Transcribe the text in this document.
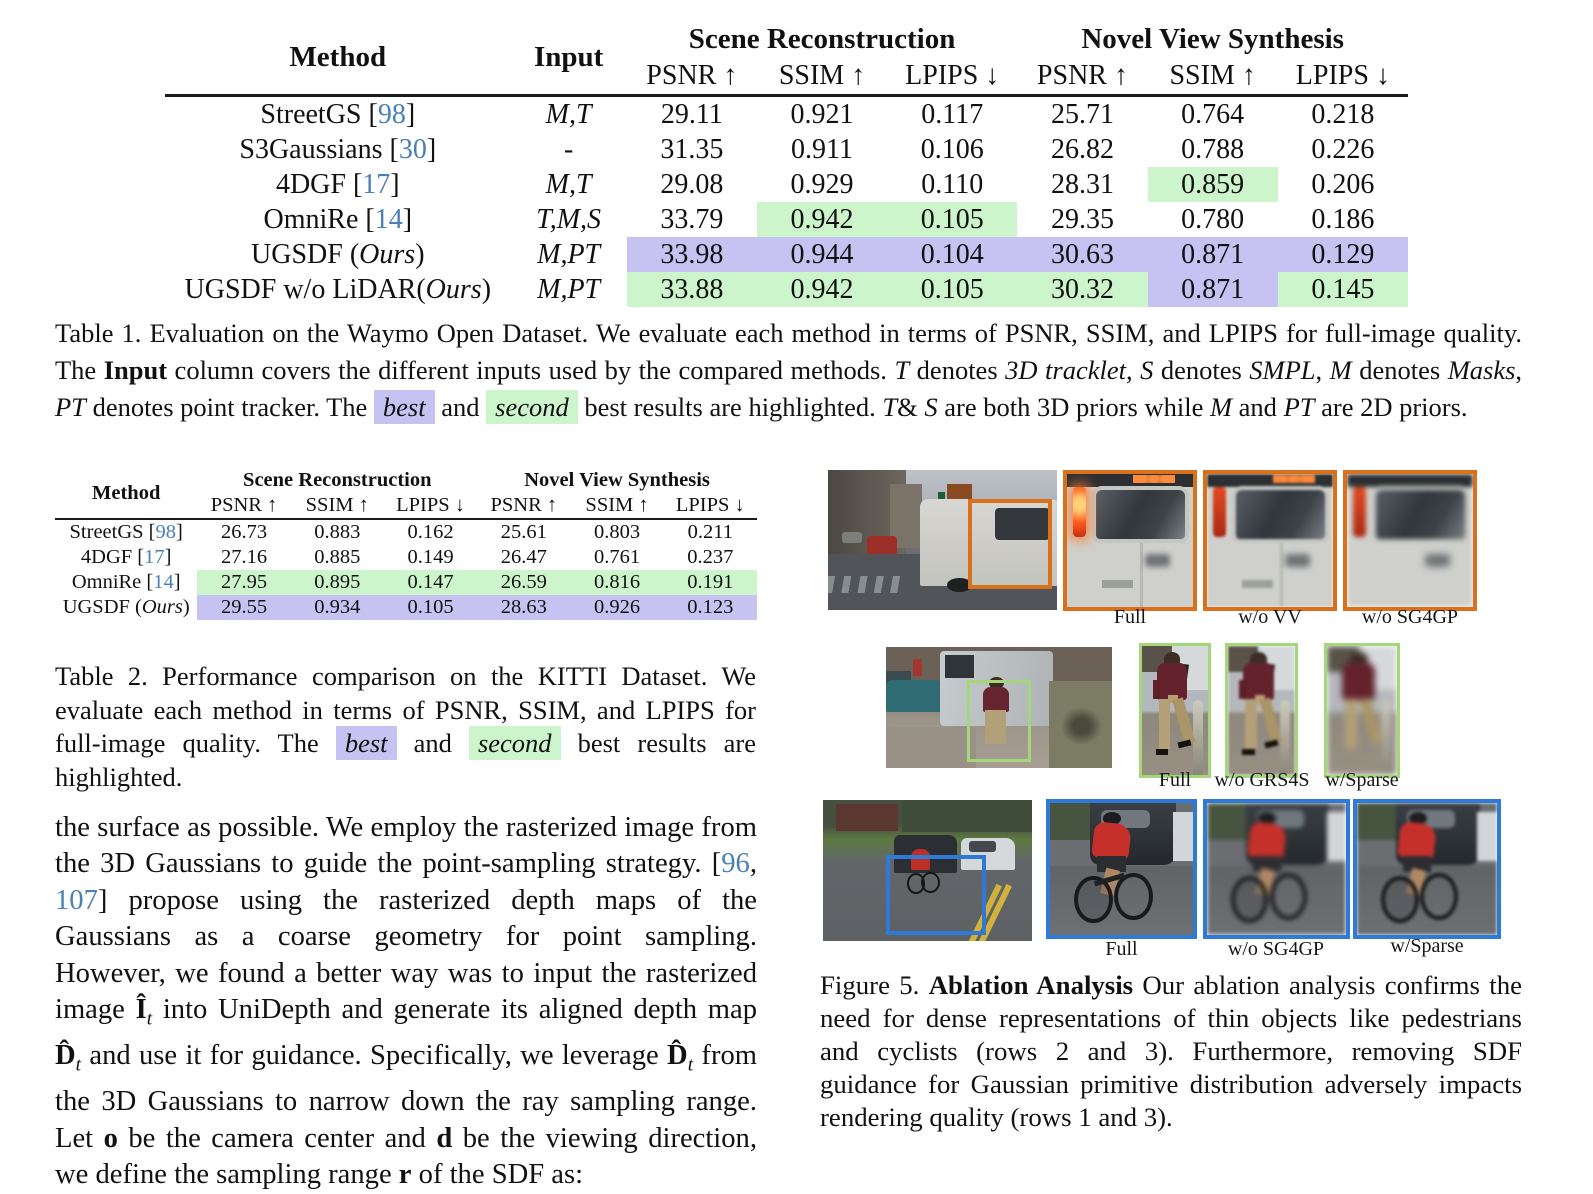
Method	Input	Scene Reconstruction			Novel View Synthesis		
		PSNR ↑	SSIM ↑	LPIPS ↓	PSNR ↑	SSIM ↑	LPIPS ↓
StreetGS [98]	M,T	29.11	0.921	0.117	25.71	0.764	0.218
S3Gaussians [30]	-	31.35	0.911	0.106	26.82	0.788	0.226
4DGF [17]	M,T	29.08	0.929	0.110	28.31	0.859	0.206
OmniRe [14]	T,M,S	33.79	0.942	0.105	29.35	0.780	0.186
UGSDF (Ours)	M,PT	33.98	0.944	0.104	30.63	0.871	0.129
UGSDF w/o LiDAR(Ours)	M,PT	33.88	0.942	0.105	30.32	0.871	0.145
Table 1. Evaluation on the Waymo Open Dataset. We evaluate each method in terms of PSNR, SSIM, and LPIPS for full-image quality. The Input column covers the different inputs used by the compared methods. T denotes 3D tracklet, S denotes SMPL, M denotes Masks, PT denotes point tracker. The best and second best results are highlighted. T& S are both 3D priors while M and PT are 2D priors.
Method	Scene Reconstruction			Novel View Synthesis		
	PSNR ↑	SSIM ↑	LPIPS ↓	PSNR ↑	SSIM ↑	LPIPS ↓
StreetGS [98]	26.73	0.883	0.162	25.61	0.803	0.211
4DGF [17]	27.16	0.885	0.149	26.47	0.761	0.237
OmniRe [14]	27.95	0.895	0.147	26.59	0.816	0.191
UGSDF (Ours)	29.55	0.934	0.105	28.63	0.926	0.123
Table 2. Performance comparison on the KITTI Dataset. We evaluate each method in terms of PSNR, SSIM, and LPIPS for full-image quality. The best and second best results are highlighted.
the surface as possible. We employ the rasterized image from the 3D Gaussians to guide the point-sampling strategy. [96, 107] propose using the rasterized depth maps of the Gaussians as a coarse geometry for point sampling. However, we found a better way was to input the rasterized image $Î_t$ into UniDepth and generate its aligned depth map $D̂_t$ and use it for guidance. Specifically, we leverage $D̂_t$ from the 3D Gaussians to narrow down the ray sampling range. Let o be the camera center and d be the viewing direction, we define the sampling range r of the SDF as:
Full	w/o VV	w/o SG4GP
Full	w/o GRS4S w/Sparse
Full	w/o SG4GP	w/Sparse
Figure 5. Ablation Analysis Our ablation analysis confirms the need for dense representations of thin objects like pedestrians and cyclists (rows 2 and 3). Furthermore, removing SDF guidance for Gaussian primitive distribution adversely impacts rendering quality (rows 1 and 3).
